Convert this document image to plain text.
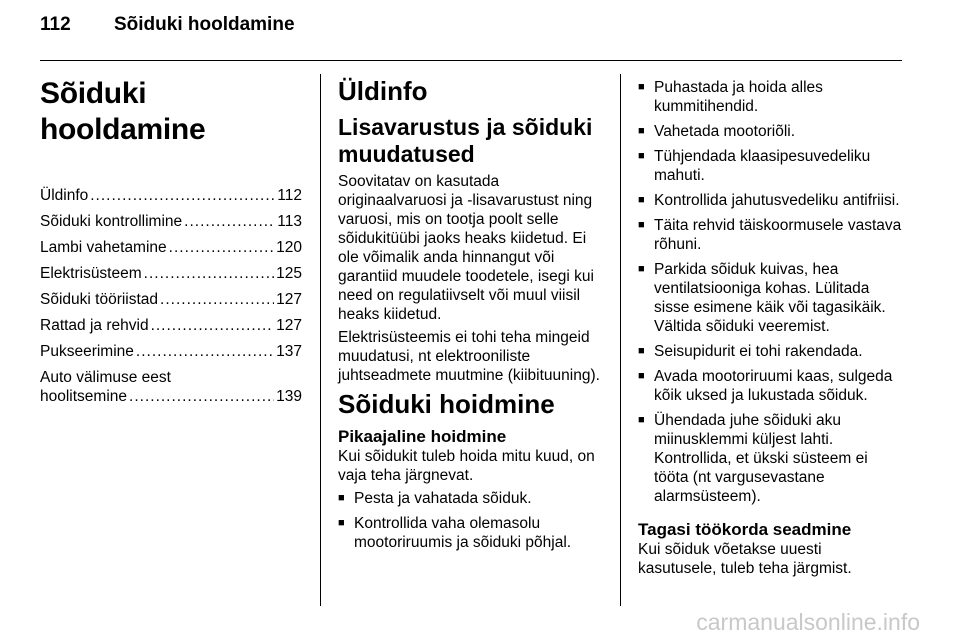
112 Sõiduki hooldamine
Sõiduki hooldamine
Üldinfo .....	112
Sõiduki kontrollimine .....	113
Lambi vahetamine .....	120
Elektrisüsteem .....	125
Sõiduki tööriistad .....	127
Rattad ja rehvid .....	127
Pukseerimine .....	137
Auto välimuse eest
hoolitsemine .....	139
Üldinfo
Lisavarustus ja sõiduki muudatused

Soovitatav on kasutada originaalvaruosi ja -lisavarustust ning varuosi, mis on tootja poolt selle sõidukitüübi jaoks heaks kiidetud. Ei ole võimalik anda hinnangut või garantiid muudele toodetele, isegi kui need on regulatiivselt või muul viisil heaks kiidetud.

Elektrisüsteemis ei tohi teha mingeid muudatusi, nt elektrooniliste juhtseadmete muutmine (kiibituuning).

Sõiduki hoidmine
Pikaajaline hoidmine

Kui sõidukit tuleb hoida mitu kuud, on vaja teha järgnevat.

■ Pesta ja vahatada sõiduk.
■ Kontrollida vaha olemasolu mootoriruumis ja sõiduki põhjal.
■ Puhastada ja hoida alles kummitihendid.
■ Vahetada mootoriõli.
■ Tühjendada klaasipesuvedeliku mahuti.
■ Kontrollida jahutusvedeliku antifriisi.
■ Täita rehvid täiskoormusele vastava rõhuni.
■ Parkida sõiduk kuivas, hea ventilatsiooniga kohas. Lülitada sisse esimene käik või tagasikäik. Vältida sõiduki veeremist.
■ Seisupidurit ei tohi rakendada.
■ Avada mootoriruumi kaas, sulgeda kõik uksed ja lukustada sõiduk.
■ Ühendada juhe sõiduki aku miinusklemmi küljest lahti. Kontrollida, et ükski süsteem ei tööta (nt vargusevastane alarmsüsteem).
Tagasi töökorda seadmine

Kui sõiduk võetakse uuesti kasutusele, tuleb teha järgmist.

carmanualsonline.info
